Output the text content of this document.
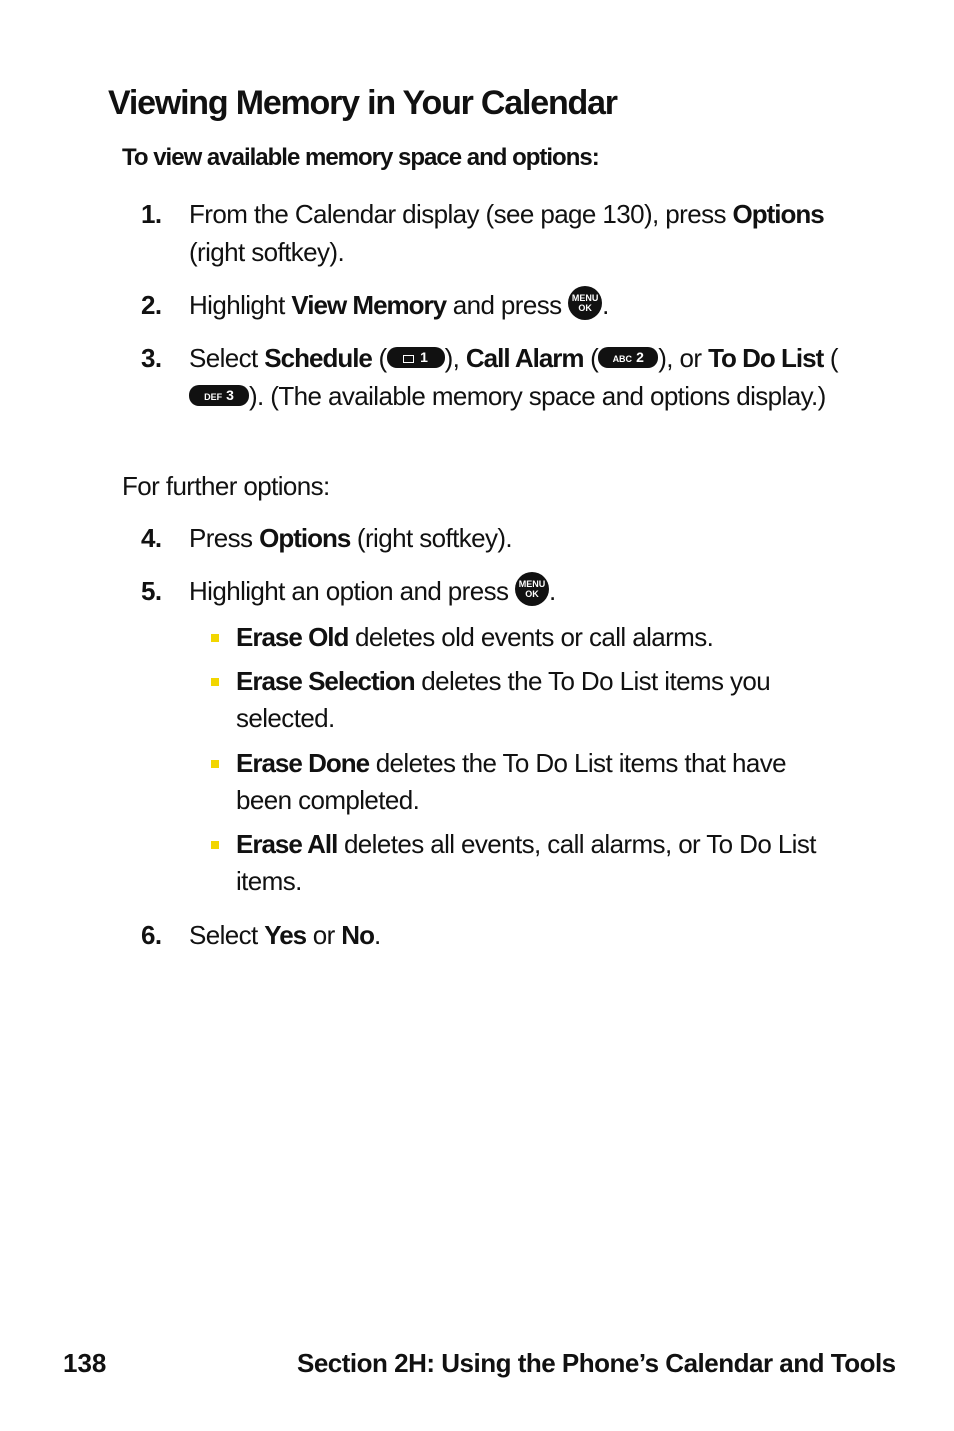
Viewing Memory in Your Calendar
To view available memory space and options:
1. From the Calendar display (see page 130), press Options (right softkey).
2. Highlight View Memory and press MENU
OK .
3. Select Schedule ( 1 ), Call Alarm ( ABC 2 ), or To Do List (DEF 3 ). (The available memory space and options display.)
For further options:
4. Press Options (right softkey).
5. Highlight an option and press MENU
OK .
Erase Old deletes old events or call alarms.
Erase Selection deletes the To Do List items you selected.
Erase Done deletes the To Do List items that have been completed.
Erase All deletes all events, call alarms, or To Do List items.
6. Select Yes or No.
138	Section 2H: Using the Phone’s Calendar and Tools
